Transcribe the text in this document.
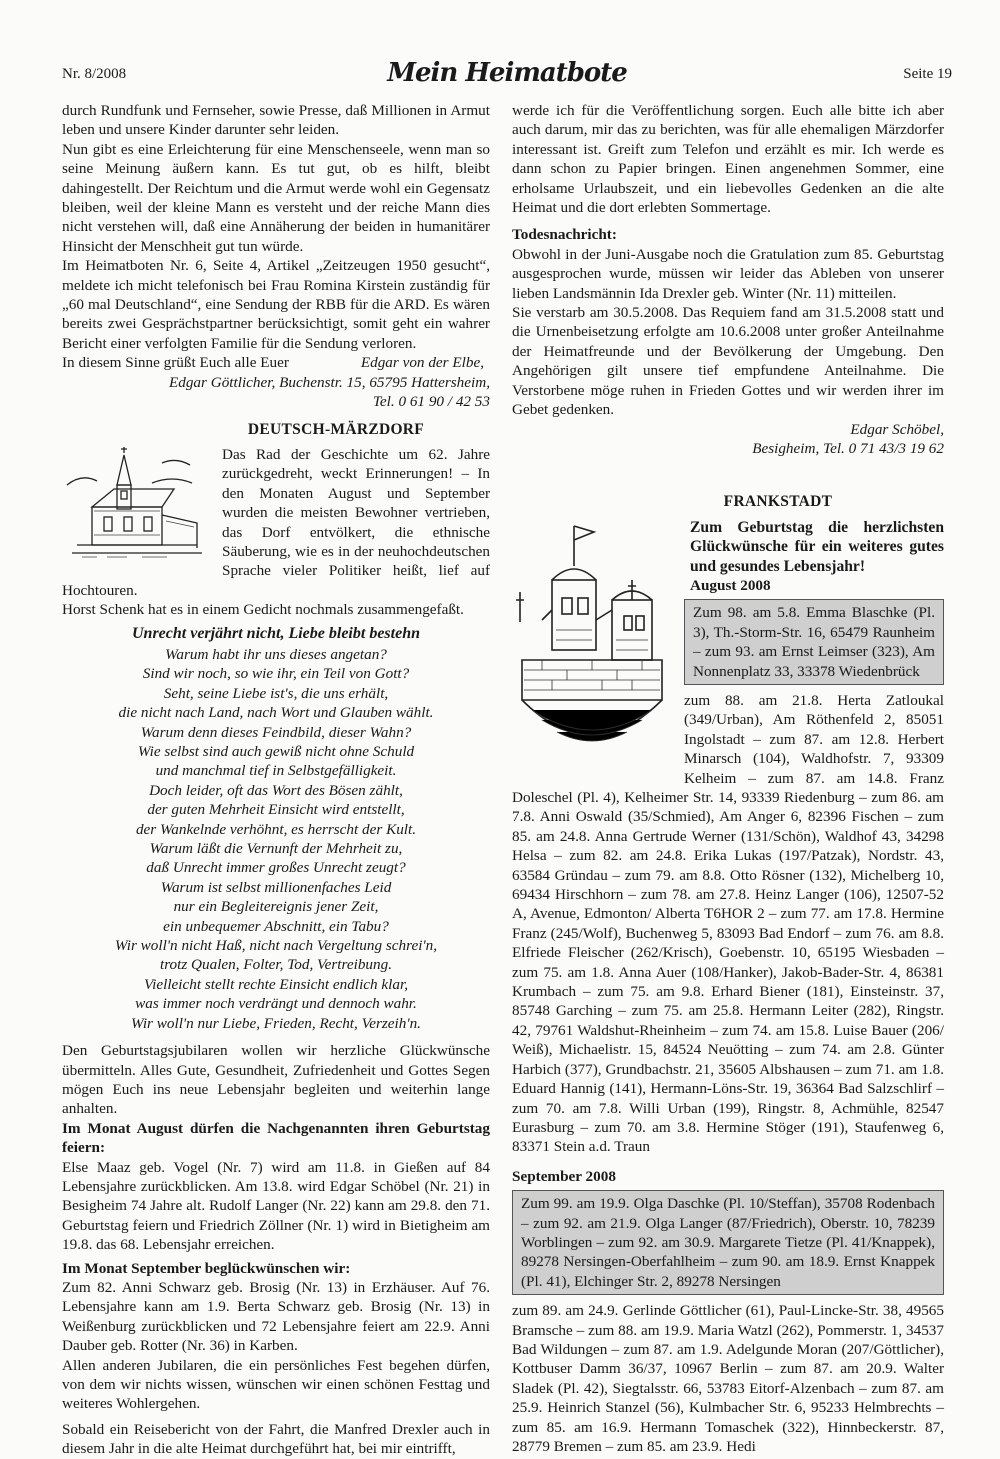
Nr. 8/2008	Mein Heimatbote	Seite 19

durch Rundfunk und Fernseher, sowie Presse, daß Millionen in Armut leben und unsere Kinder darunter sehr leiden.

Nun gibt es eine Erleichterung für eine Menschenseele, wenn man so seine Meinung äußern kann. Es tut gut, ob es hilft, bleibt dahingestellt. Der Reichtum und die Armut werde wohl ein Gegensatz bleiben, weil der kleine Mann es versteht und der reiche Mann dies nicht verstehen will, daß eine Annäherung der beiden in humanitärer Hinsicht der Menschheit gut tun würde.

Im Heimatboten Nr. 6, Seite 4, Artikel „Zeitzeugen 1950 gesucht“, meldete ich micht telefonisch bei Frau Romina Kirstein zuständig für „60 mal Deutschland“, eine Sendung der RBB für die ARD. Es wären bereits zwei Gesprächstpartner berücksichtigt, somit geht ein wahrer Bericht einer verfolgten Familie für die Sendung verloren.

In diesem Sinne grüßt Euch alle Euer	Edgar von der Elbe,

Edgar Göttlicher, Buchenstr. 15, 65795 Hattersheim,

Tel. 0 61 90 / 42 53

DEUTSCH-MÄRZDORF

Das Rad der Geschichte um 62. Jahre zurückgedreht, weckt Erinnerungen! – In den Monaten August und September wurden die meisten Bewohner vertrieben, das Dorf entvölkert, die ethnische Säuberung, wie es in der neuhochdeutschen Sprache vieler Politiker heißt, lief auf Hochtouren.

Horst Schenk hat es in einem Gedicht nochmals zusammengefaßt.

Unrecht verjährt nicht, Liebe bleibt bestehn
Warum habt ihr uns dieses angetan?
Sind wir noch, so wie ihr, ein Teil von Gott?
Seht, seine Liebe ist's, die uns erhält,
die nicht nach Land, nach Wort und Glauben wählt.
Warum denn dieses Feindbild, dieser Wahn?
Wie selbst sind auch gewiß nicht ohne Schuld
und manchmal tief in Selbstgefälligkeit.
Doch leider, oft das Wort des Bösen zählt,
der guten Mehrheit Einsicht wird entstellt,
der Wankelnde verhöhnt, es herrscht der Kult.
Warum läßt die Vernunft der Mehrheit zu,
daß Unrecht immer großes Unrecht zeugt?
Warum ist selbst millionenfaches Leid
nur ein Begleitereignis jener Zeit,
ein unbequemer Abschnitt, ein Tabu?
Wir woll'n nicht Haß, nicht nach Vergeltung schrei'n,
trotz Qualen, Folter, Tod, Vertreibung.
Vielleicht stellt rechte Einsicht endlich klar,
was immer noch verdrängt und dennoch wahr.
Wir woll'n nur Liebe, Frieden, Recht, Verzeih'n.

Den Geburtstagsjubilaren wollen wir herzliche Glückwünsche übermitteln. Alles Gute, Gesundheit, Zufriedenheit und Gottes Segen mögen Euch ins neue Lebensjahr begleiten und weiterhin lange anhalten.

Im Monat August dürfen die Nachgenannten ihren Geburtstag feiern:

Else Maaz geb. Vogel (Nr. 7) wird am 11.8. in Gießen auf 84 Lebensjahre zurückblicken. Am 13.8. wird Edgar Schöbel (Nr. 21) in Besigheim 74 Jahre alt. Rudolf Langer (Nr. 22) kann am 29.8. den 71. Geburtstag feiern und Friedrich Zöllner (Nr. 1) wird in Bietigheim am 19.8. das 68. Lebensjahr erreichen.

Im Monat September beglückwünschen wir:

Zum 82. Anni Schwarz geb. Brosig (Nr. 13) in Erzhäuser. Auf 76. Lebensjahre kann am 1.9. Berta Schwarz geb. Brosig (Nr. 13) in Weißenburg zurückblicken und 72 Lebensjahre feiert am 22.9. Anni Dauber geb. Rotter (Nr. 36) in Karben.

Allen anderen Jubilaren, die ein persönliches Fest begehen dürfen, von dem wir nichts wissen, wünschen wir einen schönen Festtag und weiteres Wohlergehen.

Sobald ein Reisebericht von der Fahrt, die Manfred Drexler auch in diesem Jahr in die alte Heimat durchgeführt hat, bei mir eintrifft,

werde ich für die Veröffentlichung sorgen. Euch alle bitte ich aber auch darum, mir das zu berichten, was für alle ehemaligen Märzdorfer interessant ist. Greift zum Telefon und erzählt es mir. Ich werde es dann schon zu Papier bringen. Einen angenehmen Sommer, eine erholsame Urlaubszeit, und ein liebevolles Gedenken an die alte Heimat und die dort erlebten Sommertage.

Todesnachricht:

Obwohl in der Juni-Ausgabe noch die Gratulation zum 85. Geburtstag ausgesprochen wurde, müssen wir leider das Ableben von unserer lieben Landsmännin Ida Drexler geb. Winter (Nr. 11) mitteilen.

Sie verstarb am 30.5.2008. Das Requiem fand am 31.5.2008 statt und die Urnenbeisetzung erfolgte am 10.6.2008 unter großer Anteilnahme der Heimatfreunde und der Bevölkerung der Umgebung. Den Angehörigen gilt unsere tief empfundene Anteilnahme. Die Verstorbene möge ruhen in Frieden Gottes und wir werden ihrer im Gebet gedenken.

Edgar Schöbel,

Besigheim, Tel. 0 71 43/3 19 62

FRANKSTADT

Zum Geburtstag die herzlichsten Glückwünsche für ein weiteres gutes und gesundes Lebensjahr!

August 2008

Zum 98. am 5.8. Emma Blaschke (Pl. 3), Th.-Storm-Str. 16, 65479 Raunheim – zum 93. am Ernst Leimser (323), Am Nonnenplatz 33, 33378 Wiedenbrück

zum 88. am 21.8. Herta Zatloukal (349/Urban), Am Röthenfeld 2, 85051 Ingolstadt – zum 87. am 12.8. Herbert Minarsch (104), Waldhofstr. 7, 93309 Kelheim – zum 87. am 14.8. Franz Doleschel (Pl. 4), Kelheimer Str. 14, 93339 Riedenburg – zum 86. am 7.8. Anni Oswald (35/Schmied), Am Anger 6, 82396 Fischen – zum 85. am 24.8. Anna Gertrude Werner (131/Schön), Waldhof 43, 34298 Helsa – zum 82. am 24.8. Erika Lukas (197/Patzak), Nordstr. 43, 63584 Gründau – zum 79. am 8.8. Otto Rösner (132), Michelberg 10, 69434 Hirschhorn – zum 78. am 27.8. Heinz Langer (106), 12507-52 A, Avenue, Edmonton/ Alberta T6HOR 2 – zum 77. am 17.8. Hermine Franz (245/Wolf), Buchenweg 5, 83093 Bad Endorf – zum 76. am 8.8. Elfriede Fleischer (262/Krisch), Goebenstr. 10, 65195 Wiesbaden – zum 75. am 1.8. Anna Auer (108/Hanker), Jakob-Bader-Str. 4, 86381 Krumbach – zum 75. am 9.8. Erhard Biener (181), Einsteinstr. 37, 85748 Garching – zum 75. am 25.8. Hermann Leiter (282), Ringstr. 42, 79761 Waldshut-Rheinheim – zum 74. am 15.8. Luise Bauer (206/ Weiß), Michaelistr. 15, 84524 Neuötting – zum 74. am 2.8. Günter Harbich (377), Grundbachstr. 21, 35605 Albshausen – zum 71. am 1.8. Eduard Hannig (141), Hermann-Löns-Str. 19, 36364 Bad Salzschlirf – zum 70. am 7.8. Willi Urban (199), Ringstr. 8, Achmühle, 82547 Eurasburg – zum 70. am 3.8. Hermine Stöger (191), Staufenweg 6, 83371 Stein a.d. Traun

September 2008

Zum 99. am 19.9. Olga Daschke (Pl. 10/Steffan), 35708 Rodenbach – zum 92. am 21.9. Olga Langer (87/Friedrich), Oberstr. 10, 78239 Worblingen – zum 92. am 30.9. Margarete Tietze (Pl. 41/Knappek), 89278 Nersingen-Oberfahlheim – zum 90. am 18.9. Ernst Knappek (Pl. 41), Elchinger Str. 2, 89278 Nersingen

zum 89. am 24.9. Gerlinde Göttlicher (61), Paul-Lincke-Str. 38, 49565 Bramsche – zum 88. am 19.9. Maria Watzl (262), Pommerstr. 1, 34537 Bad Wildungen – zum 87. am 1.9. Adelgunde Moran (207/Göttlicher), Kottbuser Damm 36/37, 10967 Berlin – zum 87. am 20.9. Walter Sladek (Pl. 42), Siegtalsstr. 66, 53783 Eitorf-Alzenbach – zum 87. am 25.9. Heinrich Stanzel (56), Kulmbacher Str. 6, 95233 Helmbrechts – zum 85. am 16.9. Hermann Tomaschek (322), Hinnbeckerstr. 87, 28779 Bremen – zum 85. am 23.9. Hedi
